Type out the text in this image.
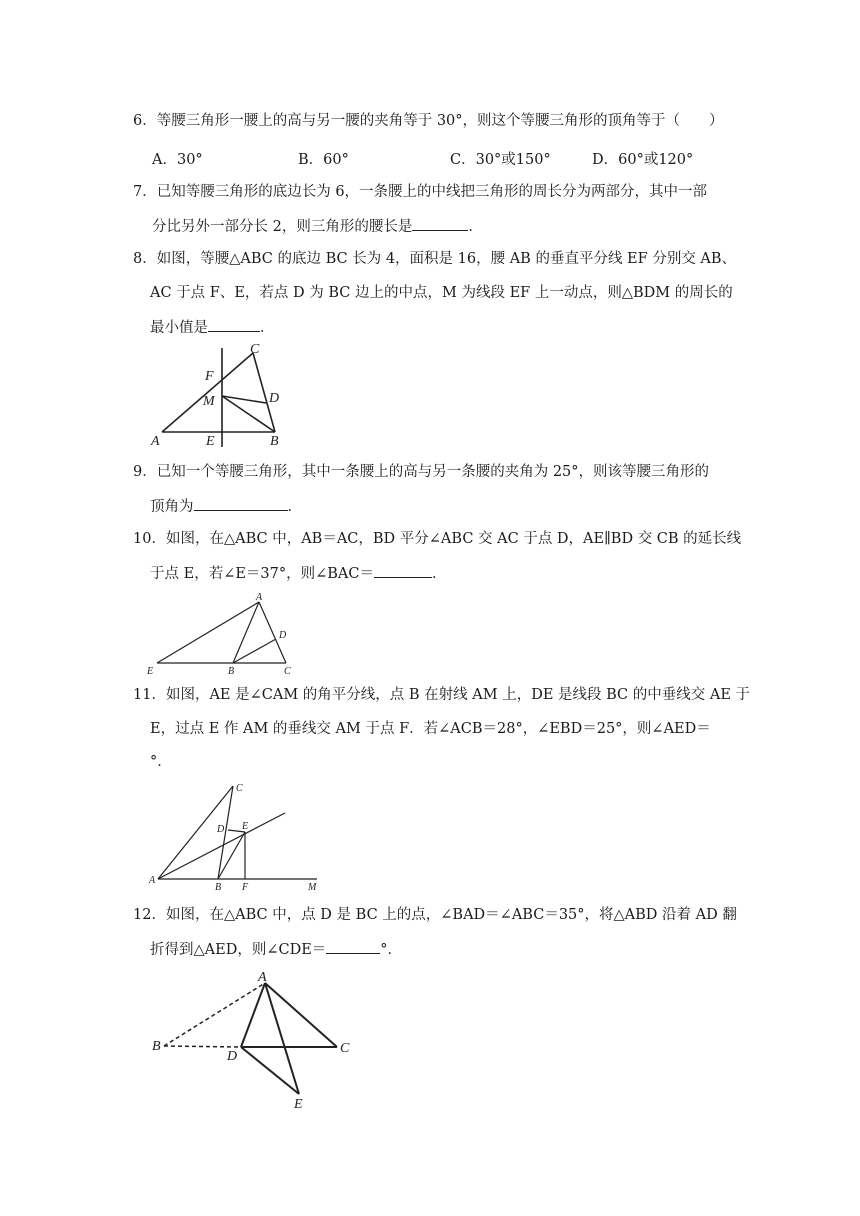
6．等腰三角形一腰上的高与另一腰的夹角等于 30°，则这个等腰三角形的顶角等于（　　）
A．30°	B．60°	C．30°或150°	D．60°或120°
7．已知等腰三角形的底边长为 6，一条腰上的中线把三角形的周长分为两部分，其中一部
分比另外一部分长 2，则三角形的腰长是	．
8．如图，等腰△ABC 的底边 BC 长为 4，面积是 16，腰 AB 的垂直平分线 EF 分别交 AB、
AC 于点 F、E，若点 D 为 BC 边上的中点，M 为线段 EF 上一动点，则△BDM 的周长的
最小值是	．
A	E	B
C
F
M	D
9．已知一个等腰三角形，其中一条腰上的高与另一条腰的夹角为 25°，则该等腰三角形的
顶角为	．
10．如图，在△ABC 中，AB＝AC，BD 平分∠ABC 交 AC 于点 D，AE∥BD 交 CB 的延长线
于点 E，若∠E＝37°，则∠BAC＝	．
A
D
E	B	C
11．如图，AE 是∠CAM 的角平分线，点 B 在射线 AM 上，DE 是线段 BC 的中垂线交 AE 于
E，过点 E 作 AM 的垂线交 AM 于点 F．若∠ACB＝28°，∠EBD＝25°，则∠AED＝
°．
C
D E
A
B F	M
12．如图，在△ABC 中，点 D 是 BC 上的点，∠BAD＝∠ABC＝35°，将△ABD 沿着 AD 翻
折得到△AED，则∠CDE＝	°．
A
B
D
C
E
